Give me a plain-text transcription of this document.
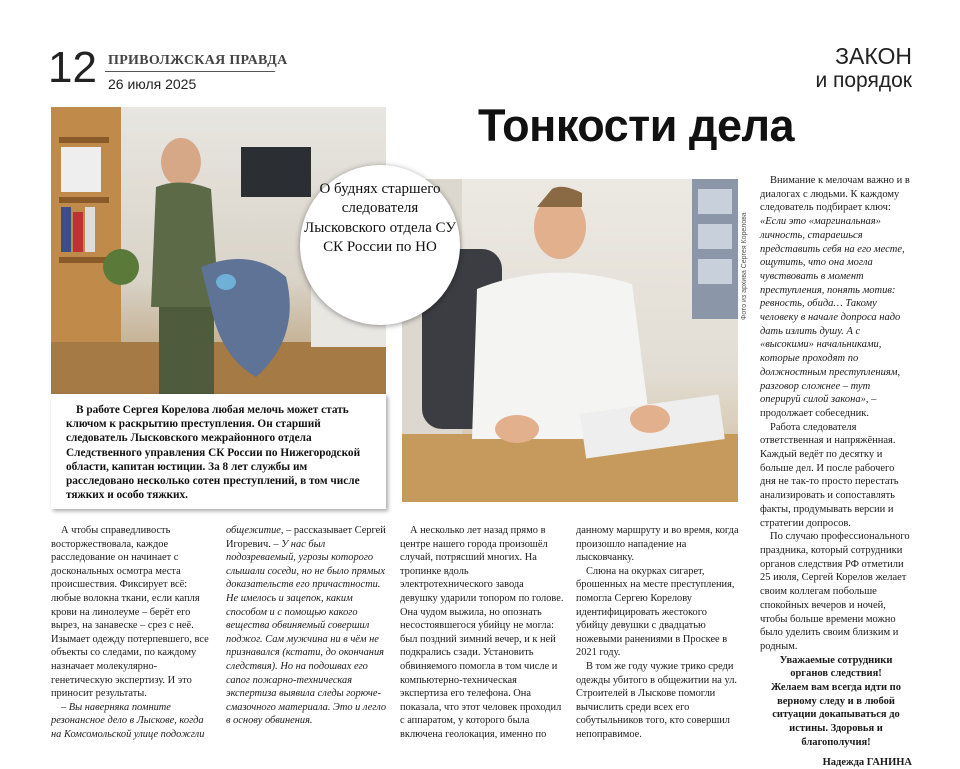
12 ПРИВОЛЖСКАЯ ПРАВДА
26 июля 2025
ЗАКОН
и порядок
Тонкости дела
Фото из архива Сергея Корелова
О буднях старшего следователя Лысковского отдела СУ СК России по НО
В работе Сергея Корелова любая мелочь может стать ключом к раскрытию преступления. Он старший следователь Лысковского межрайонного отдела Следственного управления СК России по Нижегородской области, капитан юстиции. За 8 лет службы им расследовано несколько сотен преступлений, в том числе тяжких и особо тяжких.

А чтобы справедливость восторжествовала, каждое расследование он начинает с доскональных осмотра места происшествия. Фиксирует всё: любые волокна ткани, если капля крови на линолеуме – берёт его вырез, на занавеске – срез с неё. Изымает одежду потерпевшего, все объекты со следами, по каждому назначает молекулярно-генетическую экспертизу. И это приносит результаты.

– Вы наверняка помните резонансное дело в Лыскове, когда на Комсомольской улице подожгли

общежитие, – рассказывает Сергей Игоревич. – У нас был подозреваемый, угрозы которого слышали соседи, но не было прямых доказательств его причастности. Не имелось и зацепок, каким способом и с помощью какого вещества обвиняемый совершил поджог. Сам мужчина ни в чём не признавался (кстати, до окончания следствия). Но на подошвах его сапог пожарно-техническая экспертиза выявила следы горюче-смазочного материала. Это и легло в основу обвинения.

А несколько лет назад прямо в центре нашего города произошёл случай, потрясший многих. На тропинке вдоль электротехнического завода девушку ударили топором по голове. Она чудом выжила, но опознать несостоявшегося убийцу не могла: был поздний зимний вечер, и к ней подкрались сзади. Установить обвиняемого помогла в том числе и компьютерно-техническая экспертиза его телефона. Она показала, что этот человек проходил с аппаратом, у которого была включена геолокация, именно по

данному маршруту и во время, когда произошло нападение на лысковчанку.

Слюна на окурках сигарет, брошенных на месте преступления, помогла Сергею Корелову идентифицировать жестокого убийцу девушки с двадцатью ножевыми ранениями в Проскее в 2021 году.

В том же году чужие трико среди одежды убитого в общежитии на ул. Строителей в Лыскове помогли вычислить среди всех его собутыльников того, кто совершил непоправимое.

Внимание к мелочам важно и в диалогах с людьми. К каждому следователь подбирает ключ: «Если это «маргинальная» личность, стараешься представить себя на его месте, ощутить, что она могла чувствовать в момент преступления, понять мотив: ревность, обида… Такому человеку в начале допроса надо дать излить душу. А с «высокими» начальниками, которые проходят по должностным преступлениям, разговор сложнее – тут оперируй силой закона», – продолжает собеседник.

Работа следователя ответственная и напряжённая. Каждый ведёт по десятку и больше дел. И после рабочего дня не так-то просто перестать анализировать и сопоставлять факты, продумывать версии и стратегии допросов.

По случаю профессионального праздника, который сотрудники органов следствия РФ отметили 25 июля, Сергей Корелов желает своим коллегам побольше спокойных вечеров и ночей, чтобы больше времени можно было уделить своим близким и родным.

Уважаемые сотрудники органов следствия!

Желаем вам всегда идти по верному следу и в любой ситуации докапываться до истины. Здоровья и благополучия!

Надежда ГАНИНА
